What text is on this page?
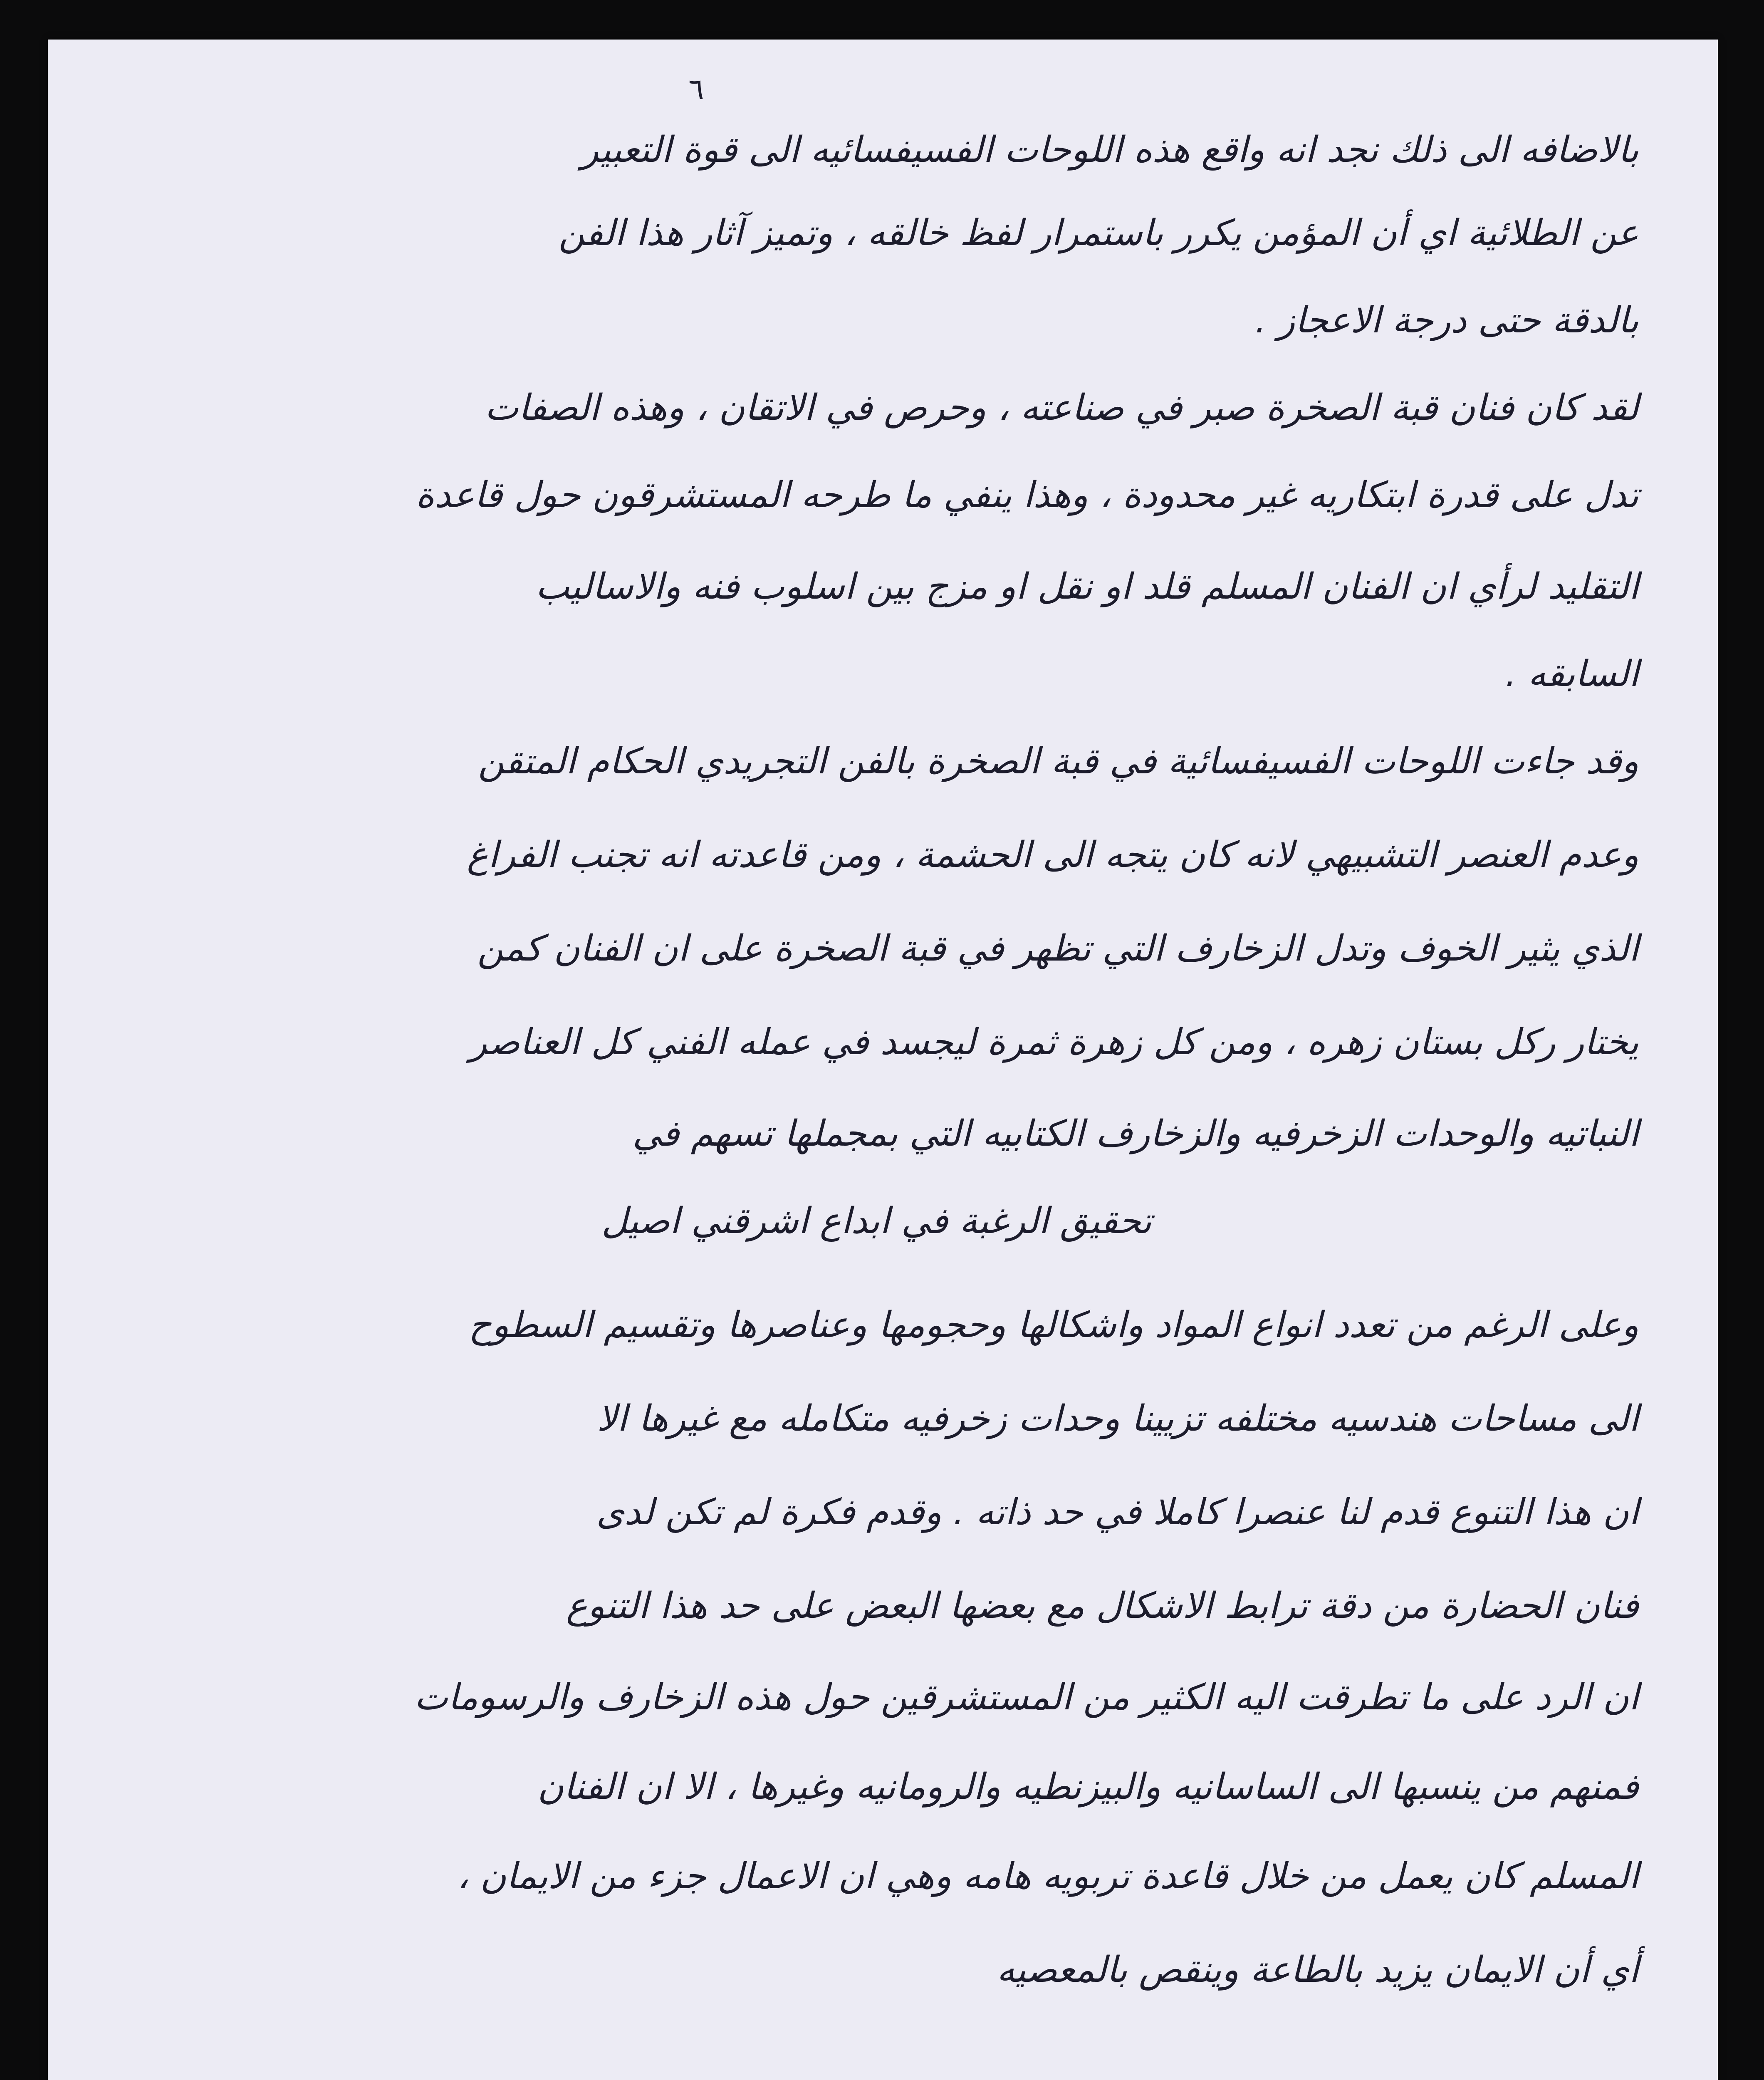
٦
بالاضافه الى ذلك نجد انه واقع هذه اللوحات الفسيفسائيه الى قوة التعبير
عن الطلائية اي أن المؤمن يكرر باستمرار لفظ خالقه ، وتميز آثار هذا الفن
بالدقة حتى درجة الاعجاز .
لقد كان فنان قبة الصخرة صبر في صناعته ، وحرص في الاتقان ، وهذه الصفات
تدل على قدرة ابتكاريه غير محدودة ، وهذا ينفي ما طرحه المستشرقون حول قاعدة
التقليد لرأي ان الفنان المسلم قلد او نقل او مزج بين اسلوب فنه والاساليب
السابقه .
وقد جاءت اللوحات الفسيفسائية في قبة الصخرة بالفن التجريدي الحكام المتقن
وعدم العنصر التشبيهي لانه كان يتجه الى الحشمة ، ومن قاعدته انه تجنب الفراغ
الذي يثير الخوف وتدل الزخارف التي تظهر في قبة الصخرة على ان الفنان كمن
يختار ركل بستان زهره ، ومن كل زهرة ثمرة ليجسد في عمله الفني كل العناصر
النباتيه والوحدات الزخرفيه والزخارف الكتابيه التي بمجملها تسهم في
تحقيق الرغبة في ابداع اشرقني اصيل
وعلى الرغم من تعدد انواع المواد واشكالها وحجومها وعناصرها وتقسيم السطوح
الى مساحات هندسيه مختلفه تزيينا وحدات زخرفيه متكامله مع غيرها الا
ان هذا التنوع قدم لنا عنصرا كاملا في حد ذاته . وقدم فكرة لم تكن لدى
فنان الحضارة من دقة ترابط الاشكال مع بعضها البعض على حد هذا التنوع
ان الرد على ما تطرقت اليه الكثير من المستشرقين حول هذه الزخارف والرسومات
فمنهم من ينسبها الى الساسانيه والبيزنطيه والرومانيه وغيرها ، الا ان الفنان
المسلم كان يعمل من خلال قاعدة تربويه هامه وهي ان الاعمال جزء من الايمان ،
أي أن الايمان يزيد بالطاعة وينقص بالمعصيه
